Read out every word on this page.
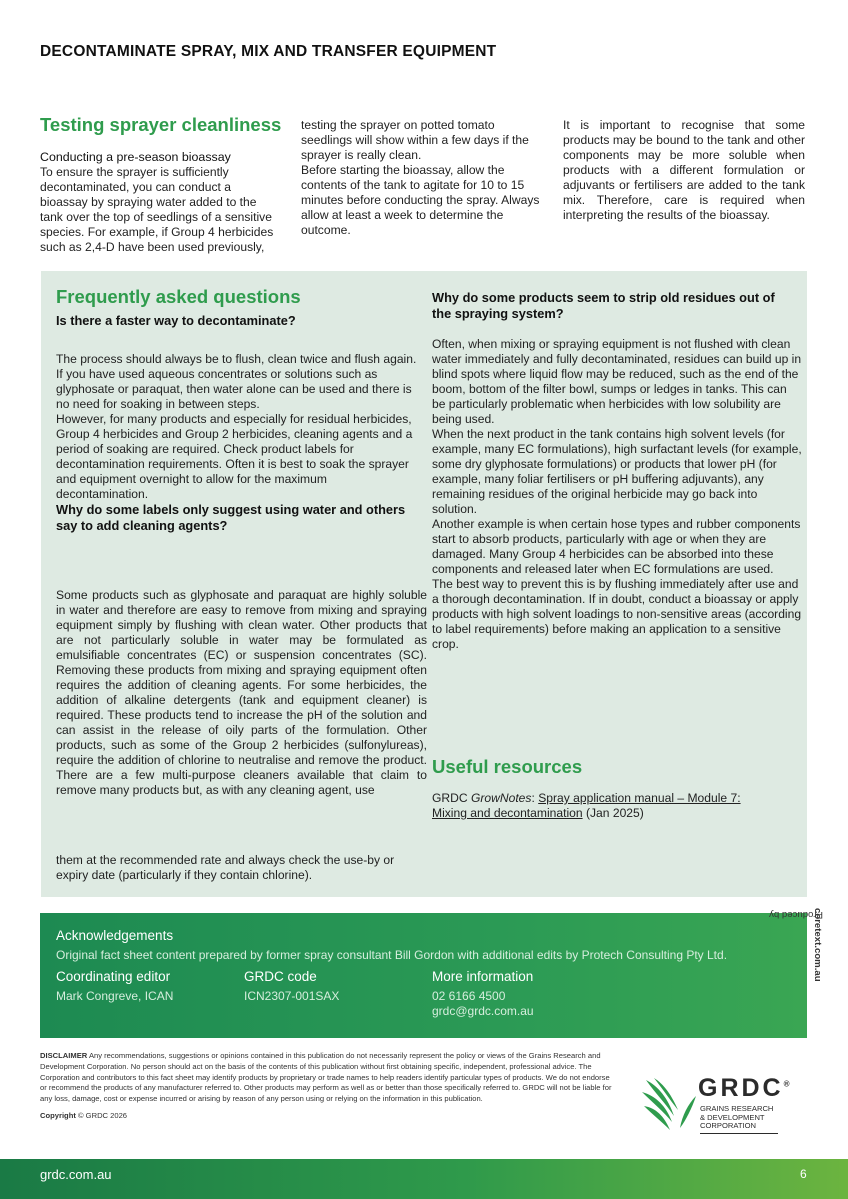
DECONTAMINATE SPRAY, MIX AND TRANSFER EQUIPMENT
Testing sprayer cleanliness

Conducting a pre-season bioassay

To ensure the sprayer is sufficiently decontaminated, you can conduct a bioassay by spraying water added to the tank over the top of seedlings of a sensitive species. For example, if Group 4 herbicides such as 2,4-D have been used previously,

testing the sprayer on potted tomato seedlings will show within a few days if the sprayer is really clean.

Before starting the bioassay, allow the contents of the tank to agitate for 10 to 15 minutes before conducting the spray. Always allow at least a week to determine the outcome.

It is important to recognise that some products may be bound to the tank and other components may be more soluble when products with a different formulation or adjuvants or fertilisers are added to the tank mix. Therefore, care is required when interpreting the results of the bioassay.
Frequently asked questions
Is there a faster way to decontaminate?

The process should always be to flush, clean twice and flush again. If you have used aqueous concentrates or solutions such as glyphosate or paraquat, then water alone can be used and there is no need for soaking in between steps.

However, for many products and especially for residual herbicides, Group 4 herbicides and Group 2 herbicides, cleaning agents and a period of soaking are required. Check product labels for decontamination requirements. Often it is best to soak the sprayer and equipment overnight to allow for the maximum decontamination.

Why do some labels only suggest using water and others say to add cleaning agents?
Some products such as glyphosate and paraquat are highly soluble in water and therefore are easy to remove from mixing and spraying equipment simply by flushing with clean water. Other products that are not particularly soluble in water may be formulated as emulsifiable concentrates (EC) or suspension concentrates (SC). Removing these products from mixing and spraying equipment often requires the addition of cleaning agents. For some herbicides, the addition of alkaline detergents (tank and equipment cleaner) is required. These products tend to increase the pH of the solution and can assist in the release of oily parts of the formulation. Other products, such as some of the Group 2 herbicides (sulfonylureas), require the addition of chlorine to neutralise and remove the product. There are a few multi-purpose cleaners available that claim to remove many products but, as with any cleaning agent, use
them at the recommended rate and always check the use-by or expiry date (particularly if they contain chlorine).
Why do some products seem to strip old residues out of the spraying system?

Often, when mixing or spraying equipment is not flushed with clean water immediately and fully decontaminated, residues can build up in blind spots where liquid flow may be reduced, such as the end of the boom, bottom of the filter bowl, sumps or ledges in tanks. This can be particularly problematic when herbicides with low solubility are being used.

When the next product in the tank contains high solvent levels (for example, many EC formulations), high surfactant levels (for example, some dry glyphosate formulations) or products that lower pH (for example, many foliar fertilisers or pH buffering adjuvants), any remaining residues of the original herbicide may go back into solution.

Another example is when certain hose types and rubber components start to absorb products, particularly with age or when they are damaged. Many Group 4 herbicides can be absorbed into these components and released later when EC formulations are used.

The best way to prevent this is by flushing immediately after use and a thorough decontamination. If in doubt, conduct a bioassay or apply products with high solvent loadings to non-sensitive areas (according to label requirements) before making an application to a sensitive crop.

Useful resources
GRDC GrowNotes: Spray application manual – Module 7:
Mixing and decontamination (Jan 2025)
Acknowledgements
Original fact sheet content prepared by former spray consultant Bill Gordon with additional edits by Protech Consulting Pty Ltd.
Coordinating editor
Mark Congreve, ICAN
GRDC code
ICN2307-001SAX
More information
02 6166 4500
grdc@grdc.com.au
Produced by
coretext.com.au

DISCLAIMER Any recommendations, suggestions or opinions contained in this publication do not necessarily represent the policy or views of the Grains Research and Development Corporation. No person should act on the basis of the contents of this publication without first obtaining specific, independent, professional advice. The Corporation and contributors to this fact sheet may identify products by proprietary or trade names to help readers identify particular types of products. We do not endorse or recommend the products of any manufacturer referred to. Other products may perform as well as or better than those specifically referred to. GRDC will not be liable for any loss, damage, cost or expense incurred or arising by reason of any person using or relying on the information in this publication.

Copyright © GRDC 2026

GRDC®
GRAINS RESEARCH
& DEVELOPMENT
CORPORATION
grdc.com.au	6
